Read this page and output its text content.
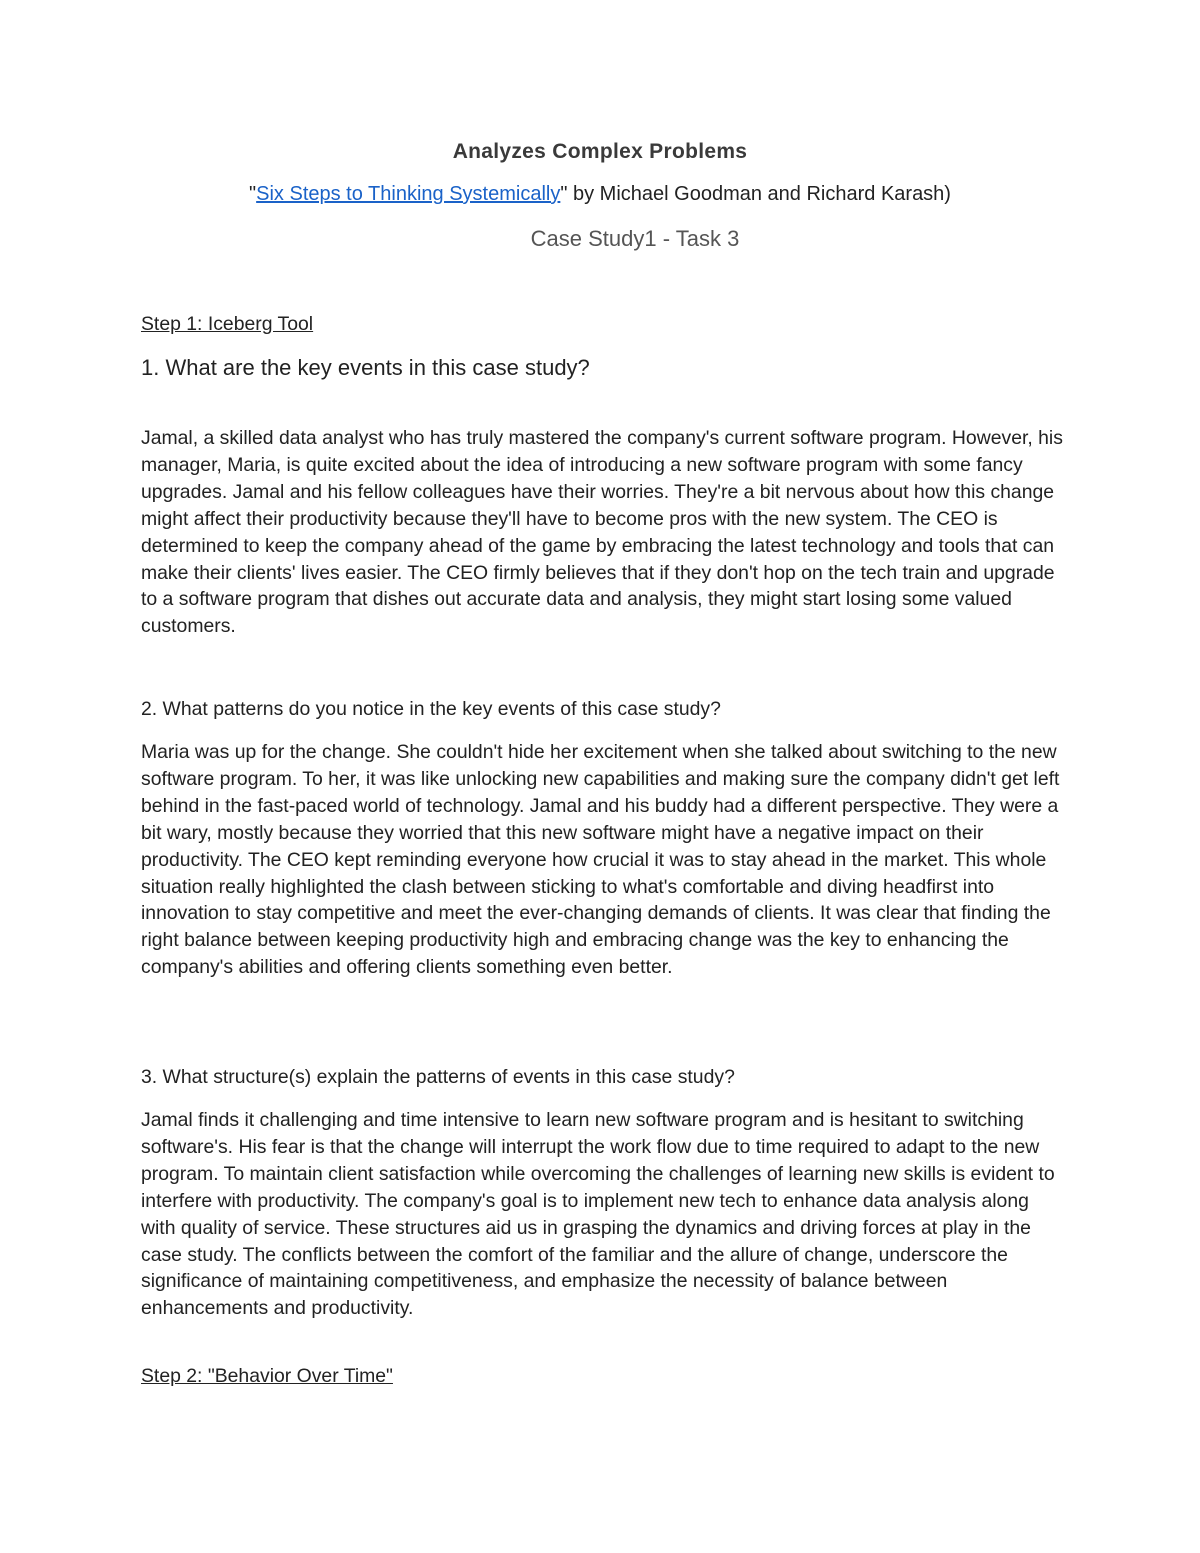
Analyzes Complex Problems
"Six Steps to Thinking Systemically" by Michael Goodman and Richard Karash)
Case Study1 - Task 3
Step 1: Iceberg Tool
1. What are the key events in this case study?
Jamal, a skilled data analyst who has truly mastered the company's current software program. However, his manager, Maria, is quite excited about the idea of introducing a new software program with some fancy upgrades. Jamal and his fellow colleagues have their worries. They're a bit nervous about how this change might affect their productivity because they'll have to become pros with the new system. The CEO is determined to keep the company ahead of the game by embracing the latest technology and tools that can make their clients' lives easier. The CEO firmly believes that if they don't hop on the tech train and upgrade to a software program that dishes out accurate data and analysis, they might start losing some valued customers.
2. What patterns do you notice in the key events of this case study?
Maria was up for the change. She couldn't hide her excitement when she talked about switching to the new software program. To her, it was like unlocking new capabilities and making sure the company didn't get left behind in the fast-paced world of technology. Jamal and his buddy had a different perspective. They were a bit wary, mostly because they worried that this new software might have a negative impact on their productivity. The CEO kept reminding everyone how crucial it was to stay ahead in the market. This whole situation really highlighted the clash between sticking to what's comfortable and diving headfirst into innovation to stay competitive and meet the ever-changing demands of clients. It was clear that finding the right balance between keeping productivity high and embracing change was the key to enhancing the company's abilities and offering clients something even better.
3. What structure(s) explain the patterns of events in this case study?
Jamal finds it challenging and time intensive to learn new software program and is hesitant to switching software's. His fear is that the change will interrupt the work flow due to time required to adapt to the new program. To maintain client satisfaction while overcoming the challenges of learning new skills is evident to interfere with productivity. The company's goal is to implement new tech to enhance data analysis along with quality of service. These structures aid us in grasping the dynamics and driving forces at play in the case study. The conflicts between the comfort of the familiar and the allure of change, underscore the significance of maintaining competitiveness, and emphasize the necessity of balance between enhancements and productivity.
Step 2: "Behavior Over Time"
